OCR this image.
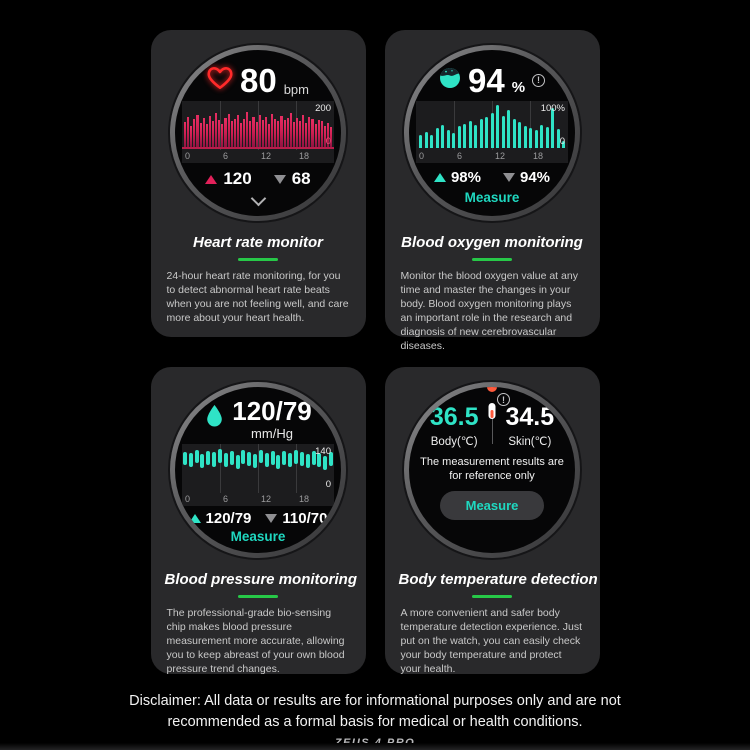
80 bpm
200
0
0	6	12	18
120 68
Heart rate monitor
24-hour heart rate monitoring, for you to detect abnormal heart rate beats when you are not feeling well, and care more about your heart health.
94 %
!
100%
0
0	6	12	18
98%	94%
Measure
Blood oxygen monitoring
Monitor the blood oxygen value at any time and master the changes in your body. Blood oxygen monitoring plays an important role in the research and diagnosis of new cerebrovascular diseases.
120/79
mm/Hg
140
0
0	6	12	18
120/79 110/70
Measure
Blood pressure monitoring
The professional-grade bio-sensing chip makes blood pressure measurement more accurate, allowing you to keep abreast of your own blood pressure trend changes.
!
36.5
Body(℃)
34.5
Skin(℃)
The measurement results are for reference only
Measure
Body temperature detection
A more convenient and safer body temperature detection experience. Just put on the watch, you can easily check your body temperature and protect your health.
Disclaimer: All data or results are for informational purposes only and are not recommended as a formal basis for medical or health conditions.
